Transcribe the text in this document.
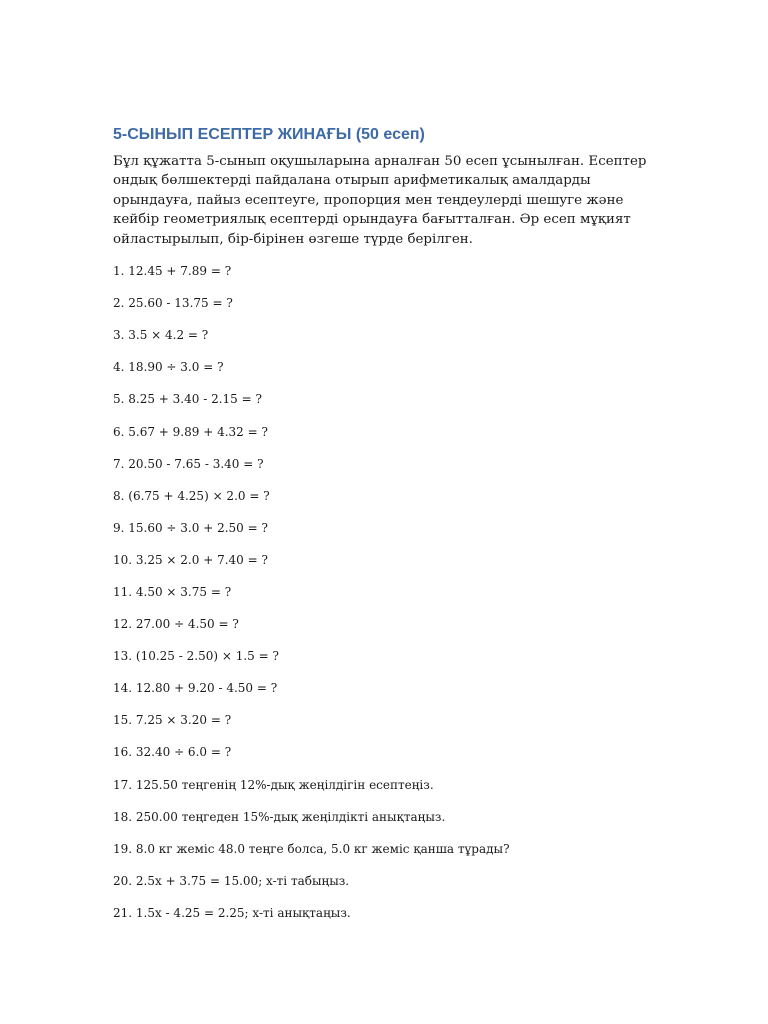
5-СЫНЫП ЕСЕПТЕР ЖИНАҒЫ (50 есеп)

Бұл құжатта 5-сынып оқушыларына арналған 50 есеп ұсынылған. Есептер ондық бөлшектерді пайдалана отырып арифметикалық амалдарды орындауға, пайыз есептеуге, пропорция мен теңдеулерді шешуге және кейбір геометриялық есептерді орындауға бағытталған. Әр есеп мұқият ойластырылып, бір-бірінен өзгеше түрде берілген.

1. 12.45 + 7.89 = ?
2. 25.60 - 13.75 = ?
3. 3.5 × 4.2 = ?
4. 18.90 ÷ 3.0 = ?
5. 8.25 + 3.40 - 2.15 = ?
6. 5.67 + 9.89 + 4.32 = ?
7. 20.50 - 7.65 - 3.40 = ?
8. (6.75 + 4.25) × 2.0 = ?
9. 15.60 ÷ 3.0 + 2.50 = ?
10. 3.25 × 2.0 + 7.40 = ?
11. 4.50 × 3.75 = ?
12. 27.00 ÷ 4.50 = ?
13. (10.25 - 2.50) × 1.5 = ?
14. 12.80 + 9.20 - 4.50 = ?
15. 7.25 × 3.20 = ?
16. 32.40 ÷ 6.0 = ?
17. 125.50 теңгенің 12%-дық жеңілдігін есептеңіз.
18. 250.00 теңгеден 15%-дық жеңілдікті анықтаңыз.
19. 8.0 кг жеміс 48.0 теңге болса, 5.0 кг жеміс қанша тұрады?
20. 2.5x + 3.75 = 15.00; x-ті табыңыз.
21. 1.5x - 4.25 = 2.25; x-ті анықтаңыз.
